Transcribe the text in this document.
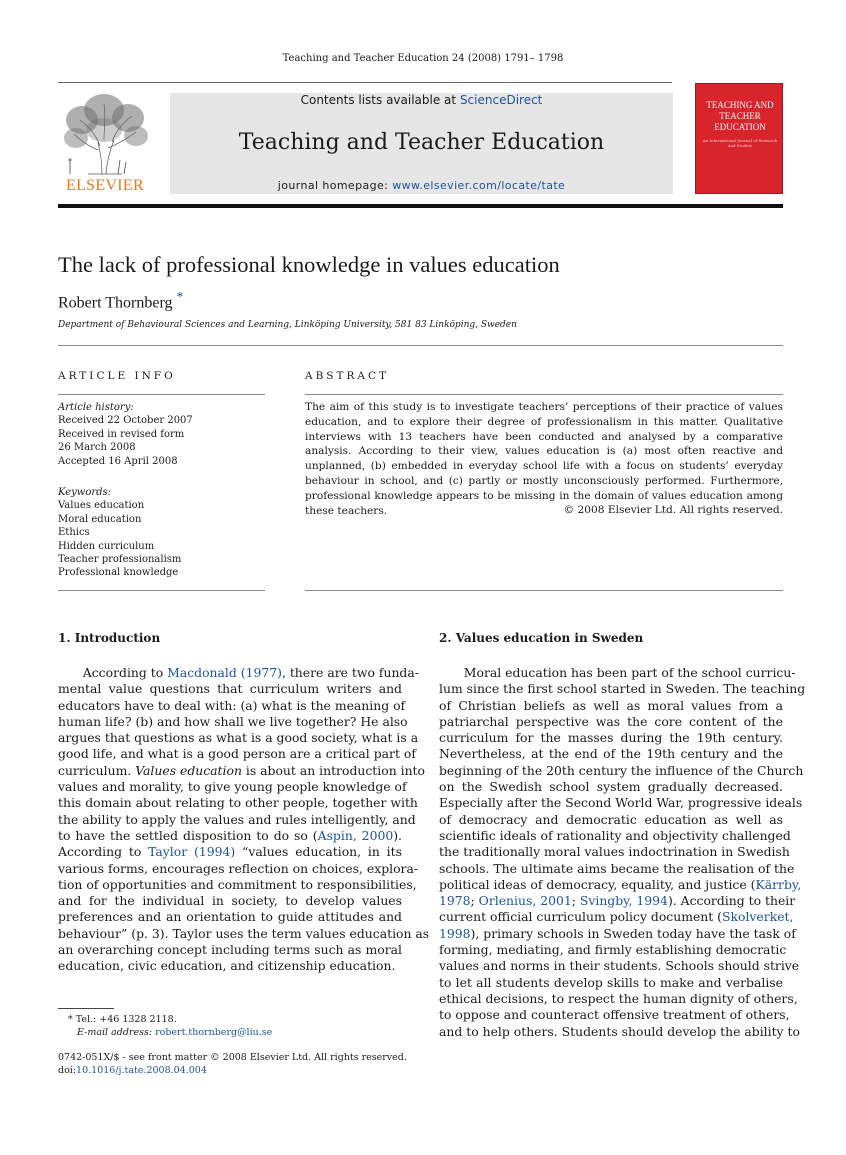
Teaching and Teacher Education 24 (2008) 1791– 1798
ELSEVIER
Contents lists available at ScienceDirect
Teaching and Teacher Education
journal homepage: www.elsevier.com/locate/tate
TEACHING AND TEACHER EDUCATION
An International Journal of Research and Studies
The lack of professional knowledge in values education
Robert Thornberg *
Department of Behavioural Sciences and Learning, Linköping University, 581 83 Linköping, Sweden
ARTICLE INFO	ABSTRACT
Article history:
Received 22 October 2007
Received in revised form
26 March 2008
Accepted 16 April 2008
Keywords:
Values education
Moral education
Ethics
Hidden curriculum
Teacher professionalism
Professional knowledge
The aim of this study is to investigate teachers’ perceptions of their practice of values education, and to explore their degree of professionalism in this matter. Qualitative interviews with 13 teachers have been conducted and analysed by a comparative analysis. According to their view, values education is (a) most often reactive and unplanned, (b) embedded in everyday school life with a focus on students’ everyday behaviour in school, and (c) partly or mostly unconsciously performed. Furthermore, professional knowledge appears to be missing in the domain of values education among these teachers.	© 2008 Elsevier Ltd. All rights reserved.
1. Introduction	2. Values education in Sweden
According to Macdonald (1977), there are two funda-
mental value questions that curriculum writers and
educators have to deal with: (a) what is the meaning of
human life? (b) and how shall we live together? He also
argues that questions as what is a good society, what is a
good life, and what is a good person are a critical part of
curriculum. Values education is about an introduction into
values and morality, to give young people knowledge of
this domain about relating to other people, together with
the ability to apply the values and rules intelligently, and
to have the settled disposition to do so (Aspin, 2000).
According to Taylor (1994) “values education, in its
various forms, encourages reflection on choices, explora-
tion of opportunities and commitment to responsibilities,
and for the individual in society, to develop values
preferences and an orientation to guide attitudes and
behaviour” (p. 3). Taylor uses the term values education as
an overarching concept including terms such as moral
education, civic education, and citizenship education.
Moral education has been part of the school curricu-
lum since the first school started in Sweden. The teaching
of Christian beliefs as well as moral values from a
patriarchal perspective was the core content of the
curriculum for the masses during the 19th century.
Nevertheless, at the end of the 19th century and the
beginning of the 20th century the influence of the Church
on the Swedish school system gradually decreased.
Especially after the Second World War, progressive ideals
of democracy and democratic education as well as
scientific ideals of rationality and objectivity challenged
the traditionally moral values indoctrination in Swedish
schools. The ultimate aims became the realisation of the
political ideas of democracy, equality, and justice (Kärrby,
1978; Orlenius, 2001; Svingby, 1994). According to their
current official curriculum policy document (Skolverket,
1998), primary schools in Sweden today have the task of
forming, mediating, and firmly establishing democratic
values and norms in their students. Schools should strive
to let all students develop skills to make and verbalise
ethical decisions, to respect the human dignity of others,
to oppose and counteract offensive treatment of others,
and to help others. Students should develop the ability to
* Tel.: +46 1328 2118.
E-mail address: robert.thornberg@liu.se
0742-051X/$ - see front matter © 2008 Elsevier Ltd. All rights reserved.
doi:10.1016/j.tate.2008.04.004
